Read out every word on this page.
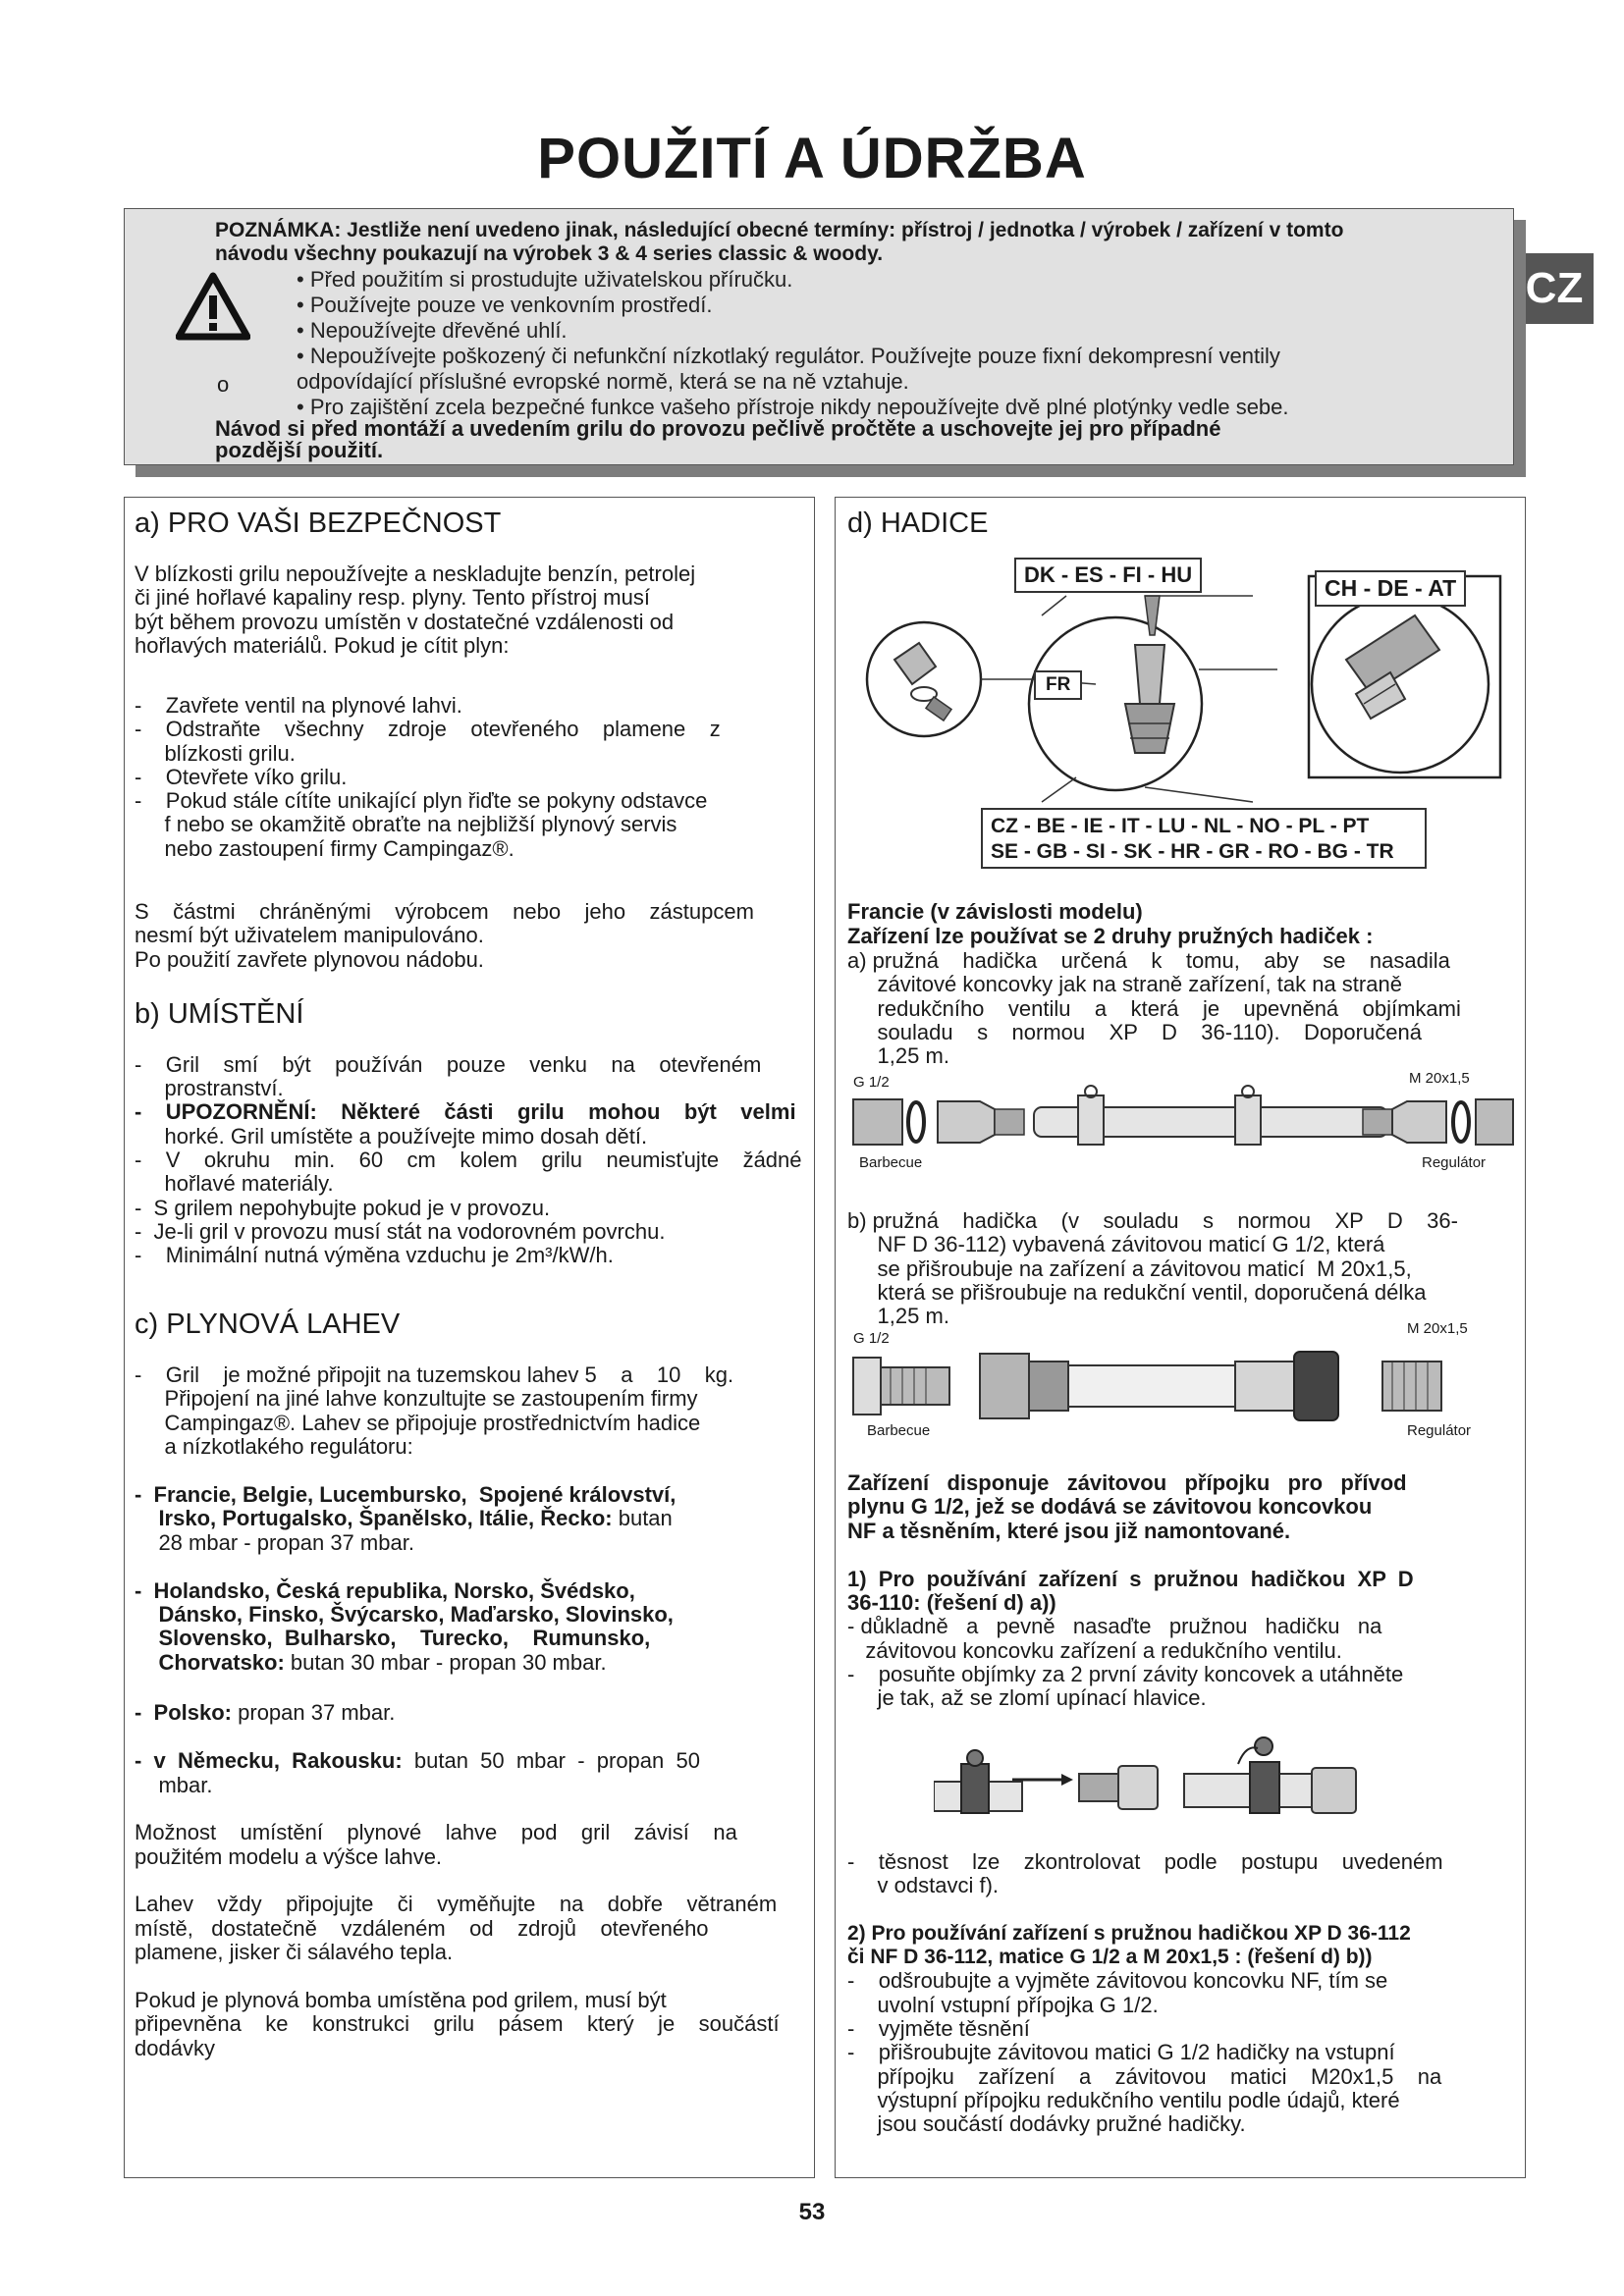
POUŽITÍ A ÚDRŽBA
CZ
POZNÁMKA: Jestliže není uvedeno jinak, následující obecné termíny: přístroj / jednotka / výrobek / zařízení v tomto
návodu všechny poukazují na výrobek 3 & 4 series classic & woody.
• Před použitím si prostudujte uživatelskou příručku.
• Používejte pouze ve venkovním prostředí.
• Nepoužívejte dřevěné uhlí.
• Nepoužívejte poškozený či nefunkční nízkotlaký regulátor. Používejte pouze fixní dekompresní ventily
o	odpovídající příslušné evropské normě, která se na ně vztahuje.
• Pro zajištění zcela bezpečné funkce vašeho přístroje nikdy nepoužívejte dvě plné plotýnky vedle sebe.
Návod si před montáží a uvedením grilu do provozu pečlivě pročtěte a uschovejte jej pro případné
pozdější použití.
a) PRO VAŠI BEZPEČNOST
V blízkosti grilu nepoužívejte a neskladujte benzín, petrolej
či jiné hořlavé kapaliny resp. plyny. Tento přístroj musí
být během provozu umístěn v dostatečné vzdálenosti od
hořlavých materiálů. Pokud je cítit plyn:
-    Zavřete ventil na plynové lahvi.
-    Odstraňte    všechny    zdroje    otevřeného    plamene    z
blízkosti grilu.
-    Otevřete víko grilu.
-    Pokud stále cítíte unikající plyn řiďte se pokyny odstavce
f nebo se okamžitě obraťte na nejbližší plynový servis
nebo zastoupení firmy Campingaz®.
S    částmi    chráněnými    výrobcem    nebo    jeho    zástupcem
nesmí být uživatelem manipulováno.
Po použití zavřete plynovou nádobu.
b) UMÍSTĚNÍ
-    Gril    smí    být    používán    pouze    venku    na    otevřeném
prostranství.
-    UPOZORNĚNÍ:    Některé    části    grilu    mohou    být    velmi
horké. Gril umístěte a používejte mimo dosah dětí.
-    V    okruhu    min.    60    cm    kolem    grilu    neumisťujte    žádné
hořlavé materiály.
-  S grilem nepohybujte pokud je v provozu.
-  Je-li gril v provozu musí stát na vodorovném povrchu.
-    Minimální nutná výměna vzduchu je 2m³/kW/h.
c) PLYNOVÁ LAHEV
-    Gril    je možné připojit na tuzemskou lahev 5    a    10    kg.
Připojení na jiné lahve konzultujte se zastoupením firmy
Campingaz®. Lahev se připojuje prostřednictvím hadice
a nízkotlakého regulátoru:
-  Francie, Belgie, Lucembursko,  Spojené království,
Irsko, Portugalsko, Španělsko, Itálie, Řecko: butan
28 mbar - propan 37 mbar.
-  Holandsko, Česká republika, Norsko, Švédsko,
Dánsko, Finsko, Švýcarsko, Maďarsko, Slovinsko,
Slovensko,  Bulharsko,    Turecko,    Rumunsko,
Chorvatsko: butan 30 mbar - propan 30 mbar.
-  Polsko: propan 37 mbar.
-  v  Německu,  Rakousku:  butan  50  mbar  -  propan  50
mbar.
Možnost    umístění    plynové    lahve    pod    gril    závisí    na
použitém modelu a výšce lahve.
Lahev    vždy    připojujte    či    vyměňujte    na    dobře    větraném
místě,   dostatečně    vzdáleném    od    zdrojů    otevřeného
plamene, jisker či sálavého tepla.
Pokud je plynová bomba umístěna pod grilem, musí být
připevněna    ke    konstrukci    grilu    pásem    který    je    součástí
dodávky
d) HADICE
DK - ES - FI - HU
CH - DE - AT
FR
CZ - BE - IE - IT - LU - NL - NO - PL - PT
SE - GB - SI - SK - HR - GR - RO - BG - TR
Francie (v závislosti modelu)
Zařízení lze používat se 2 druhy pružných hadiček :
a) pružná    hadička    určená    k    tomu,    aby    se    nasadila
závitové koncovky jak na straně zařízení, tak na straně
redukčního    ventilu    a    která    je    upevněná    objímkami
souladu    s    normou    XP    D    36-110).    Doporučená
1,25 m.
G 1/2	M 20x1,5
Barbecue	Regulátor
b) pružná    hadička    (v    souladu    s    normou    XP    D    36-
NF D 36-112) vybavená závitovou maticí G 1/2, která
se přišroubuje na zařízení a závitovou maticí  M 20x1,5,
která se přišroubuje na redukční ventil, doporučená délka
1,25 m.
G 1/2
M 20x1,5
Barbecue	Regulátor
Zařízení   disponuje   závitovou   přípojku   pro   přívod
plynu G 1/2, jež se dodává se závitovou koncovkou
NF a těsněním, které jsou již namontované.
1)  Pro  používání  zařízení  s  pružnou  hadičkou  XP  D
36-110: (řešení d) a))
- důkladně   a   pevně   nasaďte   pružnou   hadičku   na
závitovou koncovku zařízení a redukčního ventilu.
-    posuňte objímky za 2 první závity koncovek a utáhněte
je tak, až se zlomí upínací hlavice.
-    těsnost    lze    zkontrolovat    podle    postupu    uvedeném
v odstavci f).
2) Pro používání zařízení s pružnou hadičkou XP D 36-112
či NF D 36-112, matice G 1/2 a M 20x1,5 : (řešení d) b))
-    odšroubujte a vyjměte závitovou koncovku NF, tím se
uvolní vstupní přípojka G 1/2.
-    vyjměte těsnění
-    přišroubujte závitovou matici G 1/2 hadičky na vstupní
přípojku    zařízení    a    závitovou    matici    M20x1,5    na
výstupní přípojku redukčního ventilu podle údajů, které
jsou součástí dodávky pružné hadičky.
53
